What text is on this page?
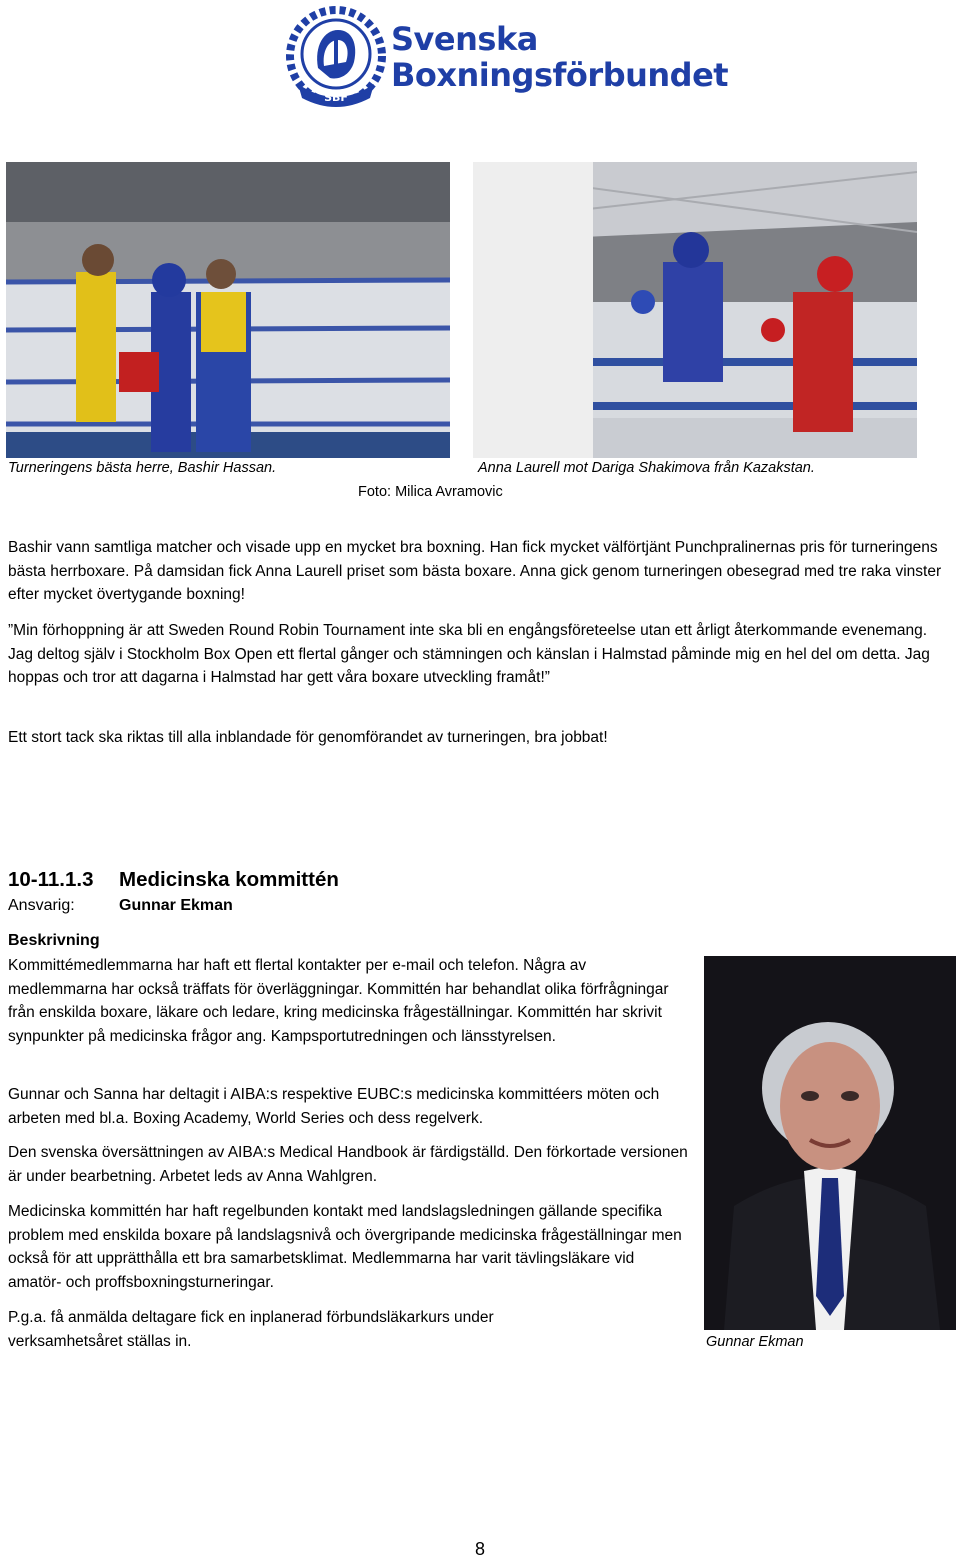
SBF
Svenska
Boxningsförbundet
Turneringens bästa herre, Bashir Hassan.	Anna Laurell mot Dariga Shakimova från Kazakstan.
Foto: Milica Avramovic
Bashir vann samtliga matcher och visade upp en mycket bra boxning. Han fick mycket välförtjänt Punchpralinernas pris för turneringens bästa herrboxare. På damsidan fick Anna Laurell priset som bästa boxare. Anna gick genom turneringen obesegrad med tre raka vinster efter mycket övertygande boxning!
”Min förhoppning är att Sweden Round Robin Tournament inte ska bli en engångsföreteelse utan ett årligt återkommande evenemang. Jag deltog själv i Stockholm Box Open ett flertal gånger och stämningen och känslan i Halmstad påminde mig en hel del om detta. Jag hoppas och tror att dagarna i Halmstad har gett våra boxare utveckling framåt!”
Ett stort tack ska riktas till alla inblandade för genomförandet av turneringen, bra jobbat!
10-11.1.3 Medicinska kommittén
Ansvarig:	Gunnar Ekman
Beskrivning
Kommittémedlemmarna har haft ett flertal kontakter per e-mail och telefon. Några av medlemmarna har också träffats för överläggningar. Kommittén har behandlat olika förfrågningar från enskilda boxare, läkare och ledare, kring medicinska frågeställningar. Kommittén har skrivit synpunkter på medicinska frågor ang. Kampsportutredningen och länsstyrelsen.
Gunnar och Sanna har deltagit i AIBA:s respektive EUBC:s medicinska kommittéers möten och arbeten med bl.a. Boxing Academy, World Series och dess regelverk.
Den svenska översättningen av AIBA:s Medical Handbook är färdigställd. Den förkortade versionen är under bearbetning. Arbetet leds av Anna Wahlgren.
Medicinska kommittén har haft regelbunden kontakt med landslagsledningen gällande specifika problem med enskilda boxare på landslagsnivå och övergripande medicinska frågeställningar men också för att upprätthålla ett bra samarbetsklimat. Medlemmarna har varit tävlingsläkare vid amatör- och proffsboxningsturneringar.
P.g.a. få anmälda deltagare fick en inplanerad förbundsläkarkurs under verksamhetsåret ställas in.	Gunnar Ekman
8
